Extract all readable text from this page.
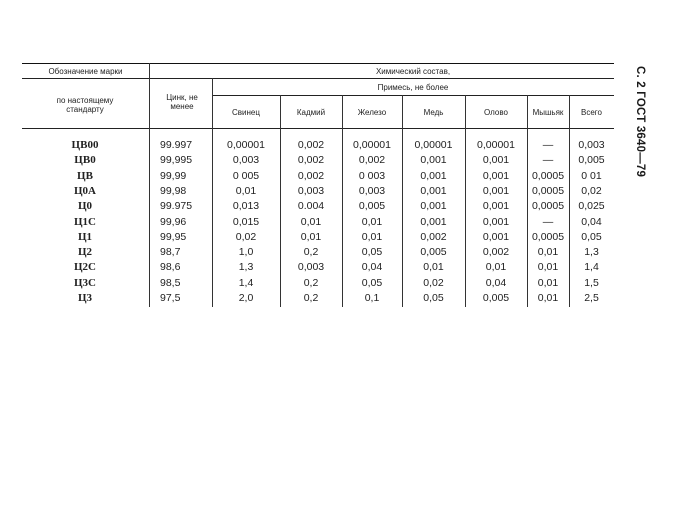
С. 2 ГОСТ 3640—79
Обозначение марки	Химический состав,
по настоящему стандарту
Цинк, не менее
Примесь, не более
Свинец	Кадмий	Железо	Медь	Олово	Мышьяк	Всего
ЦВ00	99.997	0,00001	0,002	0,00001	0,00001	0,00001	—	0,003
ЦВ0	99,995	0,003	0,002	0,002	0,001	0,001	—	0,005
ЦВ	99,99	0 005	0,002	0 003	0,001	0,001	0,0005	0 01
Ц0А	99,98	0,01	0,003	0,003	0,001	0,001	0,0005	0,02
Ц0	99.975	0,013	0.004	0,005	0,001	0,001	0,0005	0,025
Ц1С	99,96	0,015	0,01	0,01	0,001	0,001	—	0,04
Ц1	99,95	0,02	0,01	0,01	0,002	0,001	0,0005	0,05
Ц2	98,7	1,0	0,2	0,05	0,005	0,002	0,01	1,3
Ц2С	98,6	1,3	0,003	0,04	0,01	0,01	0,01	1,4
Ц3С	98,5	1,4	0,2	0,05	0,02	0,04	0,01	1,5
Ц3	97,5	2,0	0,2	0,1	0,05	0,005	0,01	2,5
